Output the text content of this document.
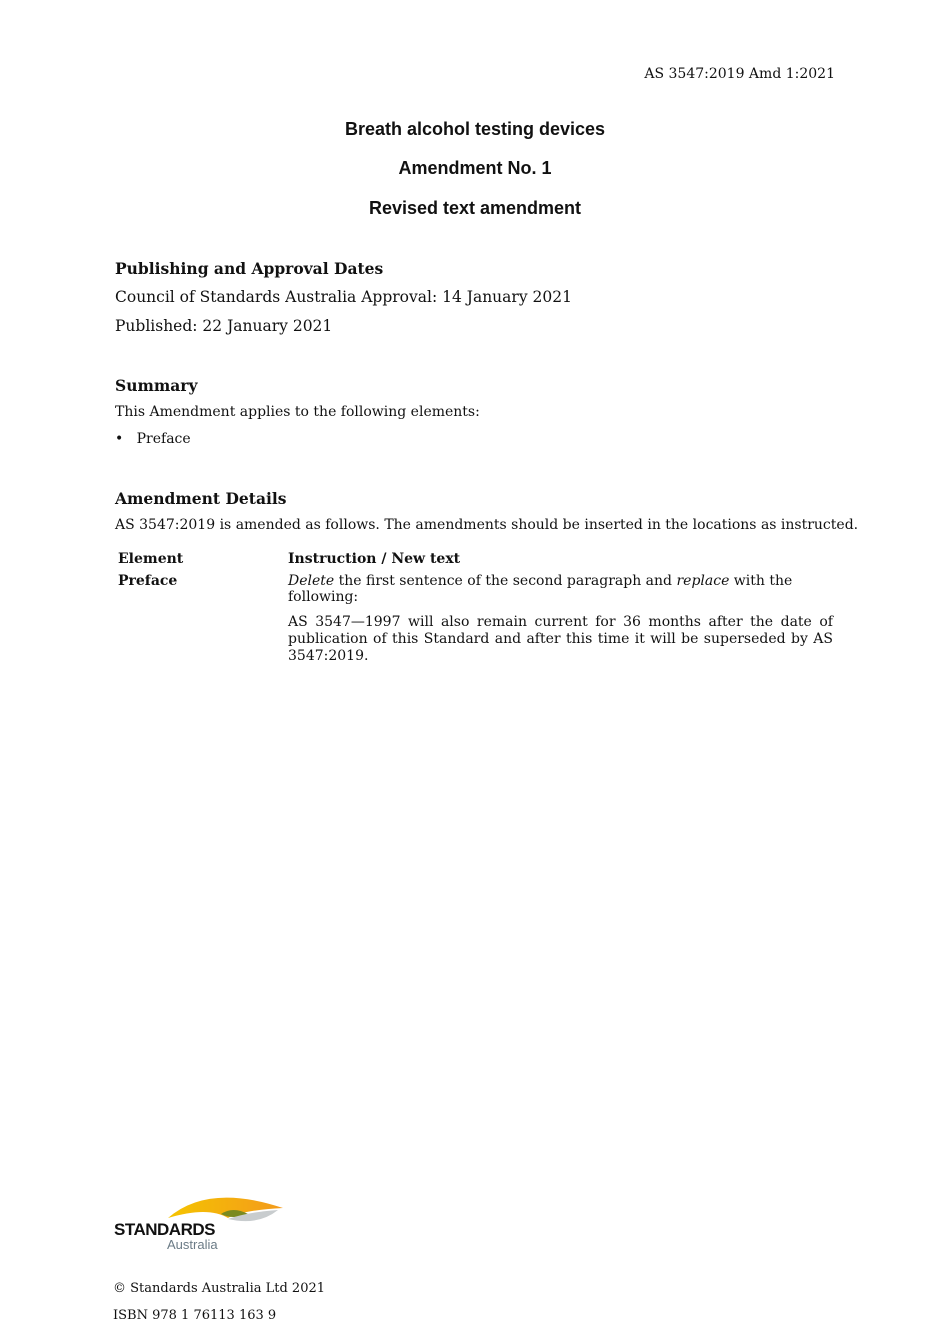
AS 3547:2019 Amd 1:2021
Breath alcohol testing devices
Amendment No. 1
Revised text amendment
Publishing and Approval Dates
Council of Standards Australia Approval: 14 January 2021
Published: 22 January 2021
Summary
This Amendment applies to the following elements:
•   Preface
Amendment Details
AS 3547:2019 is amended as follows. The amendments should be inserted in the locations as instructed.
Element	Instruction / New text
Preface	Delete the first sentence of the second paragraph and replace with the following:
AS 3547—1997 will also remain current for 36 months after the date of publication of this Standard and after this time it will be superseded by AS 3547:2019.
STANDARDS
Australia
© Standards Australia Ltd 2021
ISBN 978 1 76113 163 9
